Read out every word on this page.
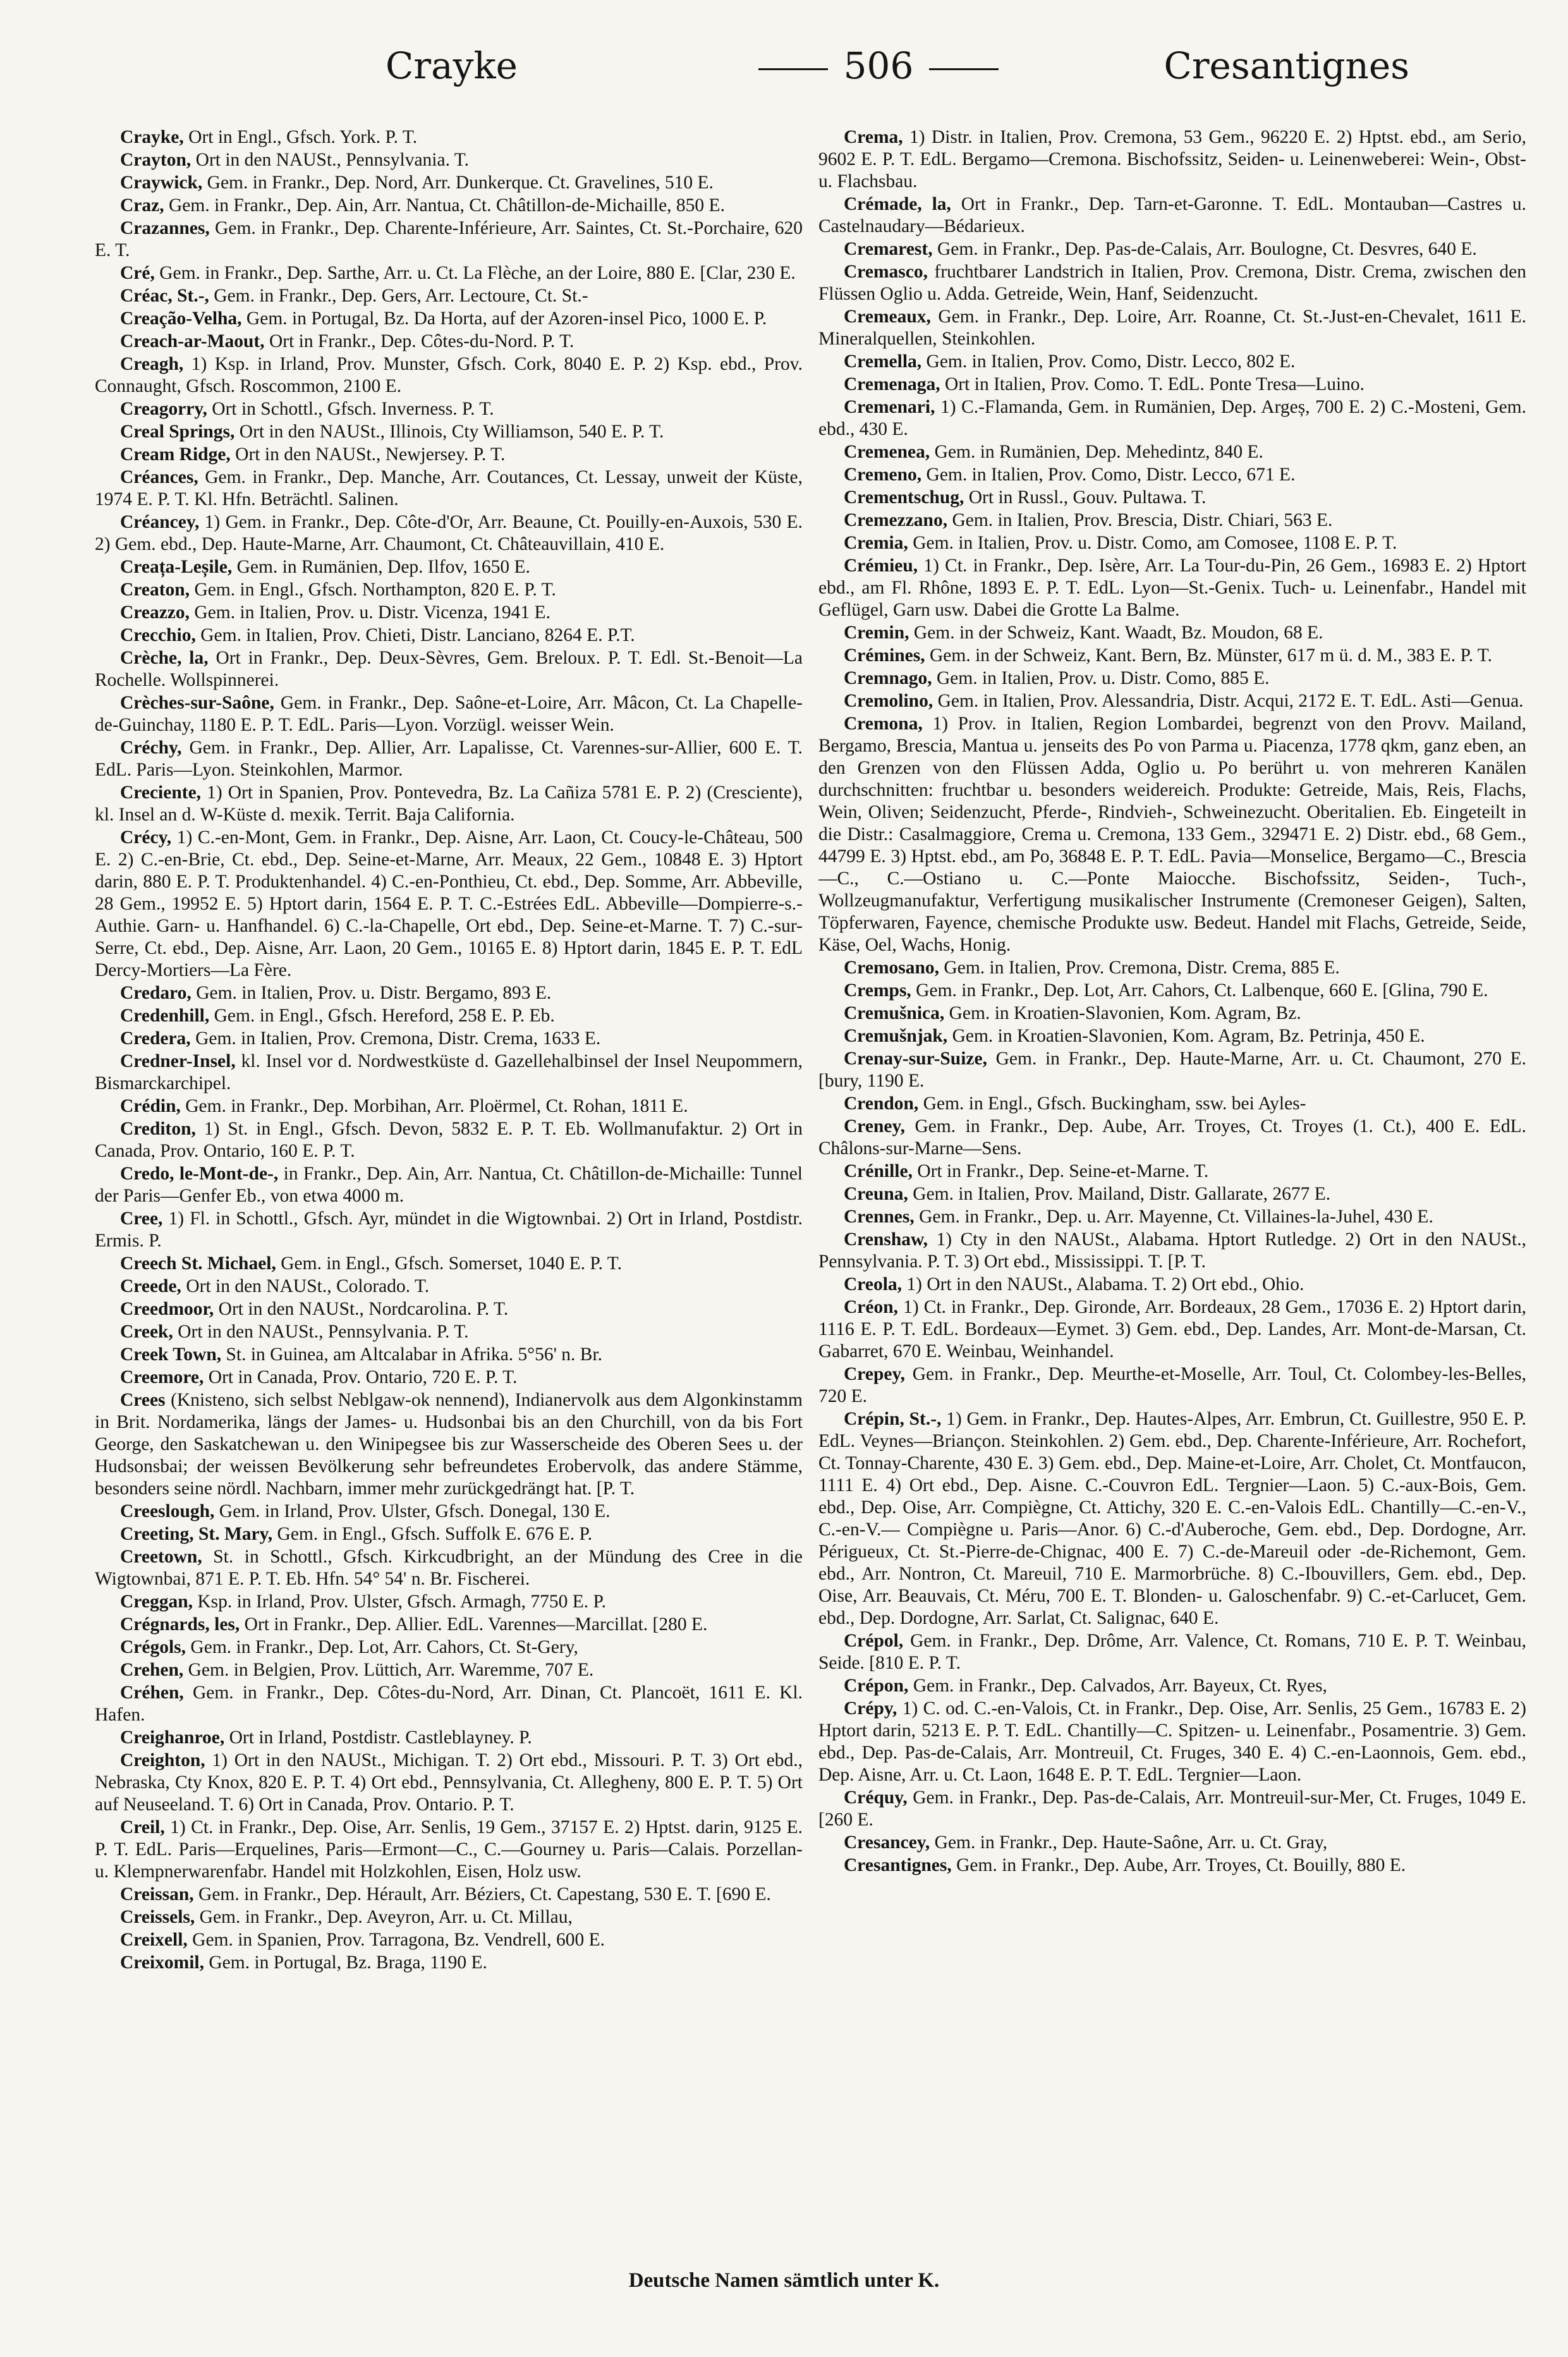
Crayke	506	Cresantignes

Crayke, Ort in Engl., Gfsch. York. P. T.

Crayton, Ort in den NAUSt., Pennsylvania. T.

Craywick, Gem. in Frankr., Dep. Nord, Arr. Dunkerque. Ct. Gravelines, 510 E.

Craz, Gem. in Frankr., Dep. Ain, Arr. Nantua, Ct. Châtillon-de-Michaille, 850 E.

Crazannes, Gem. in Frankr., Dep. Charente-Inférieure, Arr. Saintes, Ct. St.-Porchaire, 620 E. T.

Cré, Gem. in Frankr., Dep. Sarthe, Arr. u. Ct. La Flèche, an der Loire, 880 E. [Clar, 230 E.

Créac, St.-, Gem. in Frankr., Dep. Gers, Arr. Lectoure, Ct. St.-

Creação-Velha, Gem. in Portugal, Bz. Da Horta, auf der Azoren-insel Pico, 1000 E. P.

Creach-ar-Maout, Ort in Frankr., Dep. Côtes-du-Nord. P. T.

Creagh, 1) Ksp. in Irland, Prov. Munster, Gfsch. Cork, 8040 E. P. 2) Ksp. ebd., Prov. Connaught, Gfsch. Roscommon, 2100 E.

Creagorry, Ort in Schottl., Gfsch. Inverness. P. T.

Creal Springs, Ort in den NAUSt., Illinois, Cty Williamson, 540 E. P. T.

Cream Ridge, Ort in den NAUSt., Newjersey. P. T.

Créances, Gem. in Frankr., Dep. Manche, Arr. Coutances, Ct. Lessay, unweit der Küste, 1974 E. P. T. Kl. Hfn. Beträchtl. Salinen.

Créancey, 1) Gem. in Frankr., Dep. Côte-d'Or, Arr. Beaune, Ct. Pouilly-en-Auxois, 530 E. 2) Gem. ebd., Dep. Haute-Marne, Arr. Chaumont, Ct. Châteauvillain, 410 E.

Creața-Leșile, Gem. in Rumänien, Dep. Ilfov, 1650 E.

Creaton, Gem. in Engl., Gfsch. Northampton, 820 E. P. T.

Creazzo, Gem. in Italien, Prov. u. Distr. Vicenza, 1941 E.

Crecchio, Gem. in Italien, Prov. Chieti, Distr. Lanciano, 8264 E. P.T.

Crèche, la, Ort in Frankr., Dep. Deux-Sèvres, Gem. Breloux. P. T. Edl. St.-Benoit—La Rochelle. Wollspinnerei.

Crèches-sur-Saône, Gem. in Frankr., Dep. Saône-et-Loire, Arr. Mâcon, Ct. La Chapelle-de-Guinchay, 1180 E. P. T. EdL. Paris—Lyon. Vorzügl. weisser Wein.

Créchy, Gem. in Frankr., Dep. Allier, Arr. Lapalisse, Ct. Varennes-sur-Allier, 600 E. T. EdL. Paris—Lyon. Steinkohlen, Marmor.

Creciente, 1) Ort in Spanien, Prov. Pontevedra, Bz. La Cañiza 5781 E. P. 2) (Cresciente), kl. Insel an d. W-Küste d. mexik. Territ. Baja California.

Crécy, 1) C.-en-Mont, Gem. in Frankr., Dep. Aisne, Arr. Laon, Ct. Coucy-le-Château, 500 E. 2) C.-en-Brie, Ct. ebd., Dep. Seine-et-Marne, Arr. Meaux, 22 Gem., 10848 E. 3) Hptort darin, 880 E. P. T. Produktenhandel. 4) C.-en-Ponthieu, Ct. ebd., Dep. Somme, Arr. Abbeville, 28 Gem., 19952 E. 5) Hptort darin, 1564 E. P. T. C.-Estrées EdL. Abbeville—Dompierre-s.-Authie. Garn- u. Hanfhandel. 6) C.-la-Chapelle, Ort ebd., Dep. Seine-et-Marne. T. 7) C.-sur-Serre, Ct. ebd., Dep. Aisne, Arr. Laon, 20 Gem., 10165 E. 8) Hptort darin, 1845 E. P. T. EdL Dercy-Mortiers—La Fère.

Credaro, Gem. in Italien, Prov. u. Distr. Bergamo, 893 E.

Credenhill, Gem. in Engl., Gfsch. Hereford, 258 E. P. Eb.

Credera, Gem. in Italien, Prov. Cremona, Distr. Crema, 1633 E.

Credner-Insel, kl. Insel vor d. Nordwestküste d. Gazellehalbinsel der Insel Neupommern, Bismarckarchipel.

Crédin, Gem. in Frankr., Dep. Morbihan, Arr. Ploërmel, Ct. Rohan, 1811 E.

Crediton, 1) St. in Engl., Gfsch. Devon, 5832 E. P. T. Eb. Wollmanufaktur. 2) Ort in Canada, Prov. Ontario, 160 E. P. T.

Credo, le-Mont-de-, in Frankr., Dep. Ain, Arr. Nantua, Ct. Châtillon-de-Michaille: Tunnel der Paris—Genfer Eb., von etwa 4000 m.

Cree, 1) Fl. in Schottl., Gfsch. Ayr, mündet in die Wigtownbai. 2) Ort in Irland, Postdistr. Ermis. P.

Creech St. Michael, Gem. in Engl., Gfsch. Somerset, 1040 E. P. T.

Creede, Ort in den NAUSt., Colorado. T.

Creedmoor, Ort in den NAUSt., Nordcarolina. P. T.

Creek, Ort in den NAUSt., Pennsylvania. P. T.

Creek Town, St. in Guinea, am Altcalabar in Afrika. 5°56' n. Br.

Creemore, Ort in Canada, Prov. Ontario, 720 E. P. T.

Crees (Knisteno, sich selbst Neblgaw-ok nennend), Indianervolk aus dem Algonkinstamm in Brit. Nordamerika, längs der James- u. Hudsonbai bis an den Churchill, von da bis Fort George, den Saskatchewan u. den Winipegsee bis zur Wasserscheide des Oberen Sees u. der Hudsonsbai; der weissen Bevölkerung sehr befreundetes Erobervolk, das andere Stämme, besonders seine nördl. Nachbarn, immer mehr zurückgedrängt hat. [P. T.

Creeslough, Gem. in Irland, Prov. Ulster, Gfsch. Donegal, 130 E.

Creeting, St. Mary, Gem. in Engl., Gfsch. Suffolk E. 676 E. P.

Creetown, St. in Schottl., Gfsch. Kirkcudbright, an der Mündung des Cree in die Wigtownbai, 871 E. P. T. Eb. Hfn. 54° 54' n. Br. Fischerei.

Creggan, Ksp. in Irland, Prov. Ulster, Gfsch. Armagh, 7750 E. P.

Crégnards, les, Ort in Frankr., Dep. Allier. EdL. Varennes—Marcillat. [280 E.

Crégols, Gem. in Frankr., Dep. Lot, Arr. Cahors, Ct. St-Gery,

Crehen, Gem. in Belgien, Prov. Lüttich, Arr. Waremme, 707 E.

Créhen, Gem. in Frankr., Dep. Côtes-du-Nord, Arr. Dinan, Ct. Plancoët, 1611 E. Kl. Hafen.

Creighanroe, Ort in Irland, Postdistr. Castleblayney. P.

Creighton, 1) Ort in den NAUSt., Michigan. T. 2) Ort ebd., Missouri. P. T. 3) Ort ebd., Nebraska, Cty Knox, 820 E. P. T. 4) Ort ebd., Pennsylvania, Ct. Allegheny, 800 E. P. T. 5) Ort auf Neuseeland. T. 6) Ort in Canada, Prov. Ontario. P. T.

Creil, 1) Ct. in Frankr., Dep. Oise, Arr. Senlis, 19 Gem., 37157 E. 2) Hptst. darin, 9125 E. P. T. EdL. Paris—Erquelines, Paris—Ermont—C., C.—Gourney u. Paris—Calais. Porzellan- u. Klempnerwarenfabr. Handel mit Holzkohlen, Eisen, Holz usw.

Creissan, Gem. in Frankr., Dep. Hérault, Arr. Béziers, Ct. Capestang, 530 E. T. [690 E.

Creissels, Gem. in Frankr., Dep. Aveyron, Arr. u. Ct. Millau,

Creixell, Gem. in Spanien, Prov. Tarragona, Bz. Vendrell, 600 E.

Creixomil, Gem. in Portugal, Bz. Braga, 1190 E.

Crema, 1) Distr. in Italien, Prov. Cremona, 53 Gem., 96220 E. 2) Hptst. ebd., am Serio, 9602 E. P. T. EdL. Bergamo—Cremona. Bischofssitz, Seiden- u. Leinenweberei: Wein-, Obst- u. Flachsbau.

Crémade, la, Ort in Frankr., Dep. Tarn-et-Garonne. T. EdL. Montauban—Castres u. Castelnaudary—Bédarieux.

Cremarest, Gem. in Frankr., Dep. Pas-de-Calais, Arr. Boulogne, Ct. Desvres, 640 E.

Cremasco, fruchtbarer Landstrich in Italien, Prov. Cremona, Distr. Crema, zwischen den Flüssen Oglio u. Adda. Getreide, Wein, Hanf, Seidenzucht.

Cremeaux, Gem. in Frankr., Dep. Loire, Arr. Roanne, Ct. St.-Just-en-Chevalet, 1611 E. Mineralquellen, Steinkohlen.

Cremella, Gem. in Italien, Prov. Como, Distr. Lecco, 802 E.

Cremenaga, Ort in Italien, Prov. Como. T. EdL. Ponte Tresa—Luino.

Cremenari, 1) C.-Flamanda, Gem. in Rumänien, Dep. Argeș, 700 E. 2) C.-Mosteni, Gem. ebd., 430 E.

Cremenea, Gem. in Rumänien, Dep. Mehedintz, 840 E.

Cremeno, Gem. in Italien, Prov. Como, Distr. Lecco, 671 E.

Crementschug, Ort in Russl., Gouv. Pultawa. T.

Cremezzano, Gem. in Italien, Prov. Brescia, Distr. Chiari, 563 E.

Cremia, Gem. in Italien, Prov. u. Distr. Como, am Comosee, 1108 E. P. T.

Crémieu, 1) Ct. in Frankr., Dep. Isère, Arr. La Tour-du-Pin, 26 Gem., 16983 E. 2) Hptort ebd., am Fl. Rhône, 1893 E. P. T. EdL. Lyon—St.-Genix. Tuch- u. Leinenfabr., Handel mit Geflügel, Garn usw. Dabei die Grotte La Balme.

Cremin, Gem. in der Schweiz, Kant. Waadt, Bz. Moudon, 68 E.

Crémines, Gem. in der Schweiz, Kant. Bern, Bz. Münster, 617 m ü. d. M., 383 E. P. T.

Cremnago, Gem. in Italien, Prov. u. Distr. Como, 885 E.

Cremolino, Gem. in Italien, Prov. Alessandria, Distr. Acqui, 2172 E. T. EdL. Asti—Genua.

Cremona, 1) Prov. in Italien, Region Lombardei, begrenzt von den Provv. Mailand, Bergamo, Brescia, Mantua u. jenseits des Po von Parma u. Piacenza, 1778 qkm, ganz eben, an den Grenzen von den Flüssen Adda, Oglio u. Po berührt u. von mehreren Kanälen durchschnitten: fruchtbar u. besonders weidereich. Produkte: Getreide, Mais, Reis, Flachs, Wein, Oliven; Seidenzucht, Pferde-, Rindvieh-, Schweinezucht. Oberitalien. Eb. Eingeteilt in die Distr.: Casalmaggiore, Crema u. Cremona, 133 Gem., 329471 E. 2) Distr. ebd., 68 Gem., 44799 E. 3) Hptst. ebd., am Po, 36848 E. P. T. EdL. Pavia—Monselice, Bergamo—C., Brescia—C., C.—Ostiano u. C.—Ponte Maiocche. Bischofssitz, Seiden-, Tuch-, Wollzeugmanufaktur, Verfertigung musikalischer Instrumente (Cremoneser Geigen), Salten, Töpferwaren, Fayence, chemische Produkte usw. Bedeut. Handel mit Flachs, Getreide, Seide, Käse, Oel, Wachs, Honig.

Cremosano, Gem. in Italien, Prov. Cremona, Distr. Crema, 885 E.

Cremps, Gem. in Frankr., Dep. Lot, Arr. Cahors, Ct. Lalbenque, 660 E. [Glina, 790 E.

Cremušnica, Gem. in Kroatien-Slavonien, Kom. Agram, Bz.

Cremušnjak, Gem. in Kroatien-Slavonien, Kom. Agram, Bz. Petrinja, 450 E.

Crenay-sur-Suize, Gem. in Frankr., Dep. Haute-Marne, Arr. u. Ct. Chaumont, 270 E. [bury, 1190 E.

Crendon, Gem. in Engl., Gfsch. Buckingham, ssw. bei Ayles-

Creney, Gem. in Frankr., Dep. Aube, Arr. Troyes, Ct. Troyes (1. Ct.), 400 E. EdL. Châlons-sur-Marne—Sens.

Crénille, Ort in Frankr., Dep. Seine-et-Marne. T.

Creuna, Gem. in Italien, Prov. Mailand, Distr. Gallarate, 2677 E.

Crennes, Gem. in Frankr., Dep. u. Arr. Mayenne, Ct. Villaines-la-Juhel, 430 E.

Crenshaw, 1) Cty in den NAUSt., Alabama. Hptort Rutledge. 2) Ort in den NAUSt., Pennsylvania. P. T. 3) Ort ebd., Mississippi. T. [P. T.

Creola, 1) Ort in den NAUSt., Alabama. T. 2) Ort ebd., Ohio.

Créon, 1) Ct. in Frankr., Dep. Gironde, Arr. Bordeaux, 28 Gem., 17036 E. 2) Hptort darin, 1116 E. P. T. EdL. Bordeaux—Eymet. 3) Gem. ebd., Dep. Landes, Arr. Mont-de-Marsan, Ct. Gabarret, 670 E. Weinbau, Weinhandel.

Crepey, Gem. in Frankr., Dep. Meurthe-et-Moselle, Arr. Toul, Ct. Colombey-les-Belles, 720 E.

Crépin, St.-, 1) Gem. in Frankr., Dep. Hautes-Alpes, Arr. Embrun, Ct. Guillestre, 950 E. P. EdL. Veynes—Briançon. Steinkohlen. 2) Gem. ebd., Dep. Charente-Inférieure, Arr. Rochefort, Ct. Tonnay-Charente, 430 E. 3) Gem. ebd., Dep. Maine-et-Loire, Arr. Cholet, Ct. Montfaucon, 1111 E. 4) Ort ebd., Dep. Aisne. C.-Couvron EdL. Tergnier—Laon. 5) C.-aux-Bois, Gem. ebd., Dep. Oise, Arr. Compiègne, Ct. Attichy, 320 E. C.-en-Valois EdL. Chantilly—C.-en-V., C.-en-V.— Compiègne u. Paris—Anor. 6) C.-d'Auberoche, Gem. ebd., Dep. Dordogne, Arr. Périgueux, Ct. St.-Pierre-de-Chignac, 400 E. 7) C.-de-Mareuil oder -de-Richemont, Gem. ebd., Arr. Nontron, Ct. Mareuil, 710 E. Marmorbrüche. 8) C.-Ibouvillers, Gem. ebd., Dep. Oise, Arr. Beauvais, Ct. Méru, 700 E. T. Blonden- u. Galoschenfabr. 9) C.-et-Carlucet, Gem. ebd., Dep. Dordogne, Arr. Sarlat, Ct. Salignac, 640 E.

Crépol, Gem. in Frankr., Dep. Drôme, Arr. Valence, Ct. Romans, 710 E. P. T. Weinbau, Seide. [810 E. P. T.

Crépon, Gem. in Frankr., Dep. Calvados, Arr. Bayeux, Ct. Ryes,

Crépy, 1) C. od. C.-en-Valois, Ct. in Frankr., Dep. Oise, Arr. Senlis, 25 Gem., 16783 E. 2) Hptort darin, 5213 E. P. T. EdL. Chantilly—C. Spitzen- u. Leinenfabr., Posamentrie. 3) Gem. ebd., Dep. Pas-de-Calais, Arr. Montreuil, Ct. Fruges, 340 E. 4) C.-en-Laonnois, Gem. ebd., Dep. Aisne, Arr. u. Ct. Laon, 1648 E. P. T. EdL. Tergnier—Laon.

Créquy, Gem. in Frankr., Dep. Pas-de-Calais, Arr. Montreuil-sur-Mer, Ct. Fruges, 1049 E. [260 E.

Cresancey, Gem. in Frankr., Dep. Haute-Saône, Arr. u. Ct. Gray,

Cresantignes, Gem. in Frankr., Dep. Aube, Arr. Troyes, Ct. Bouilly, 880 E.

Deutsche Namen sämtlich unter K.
